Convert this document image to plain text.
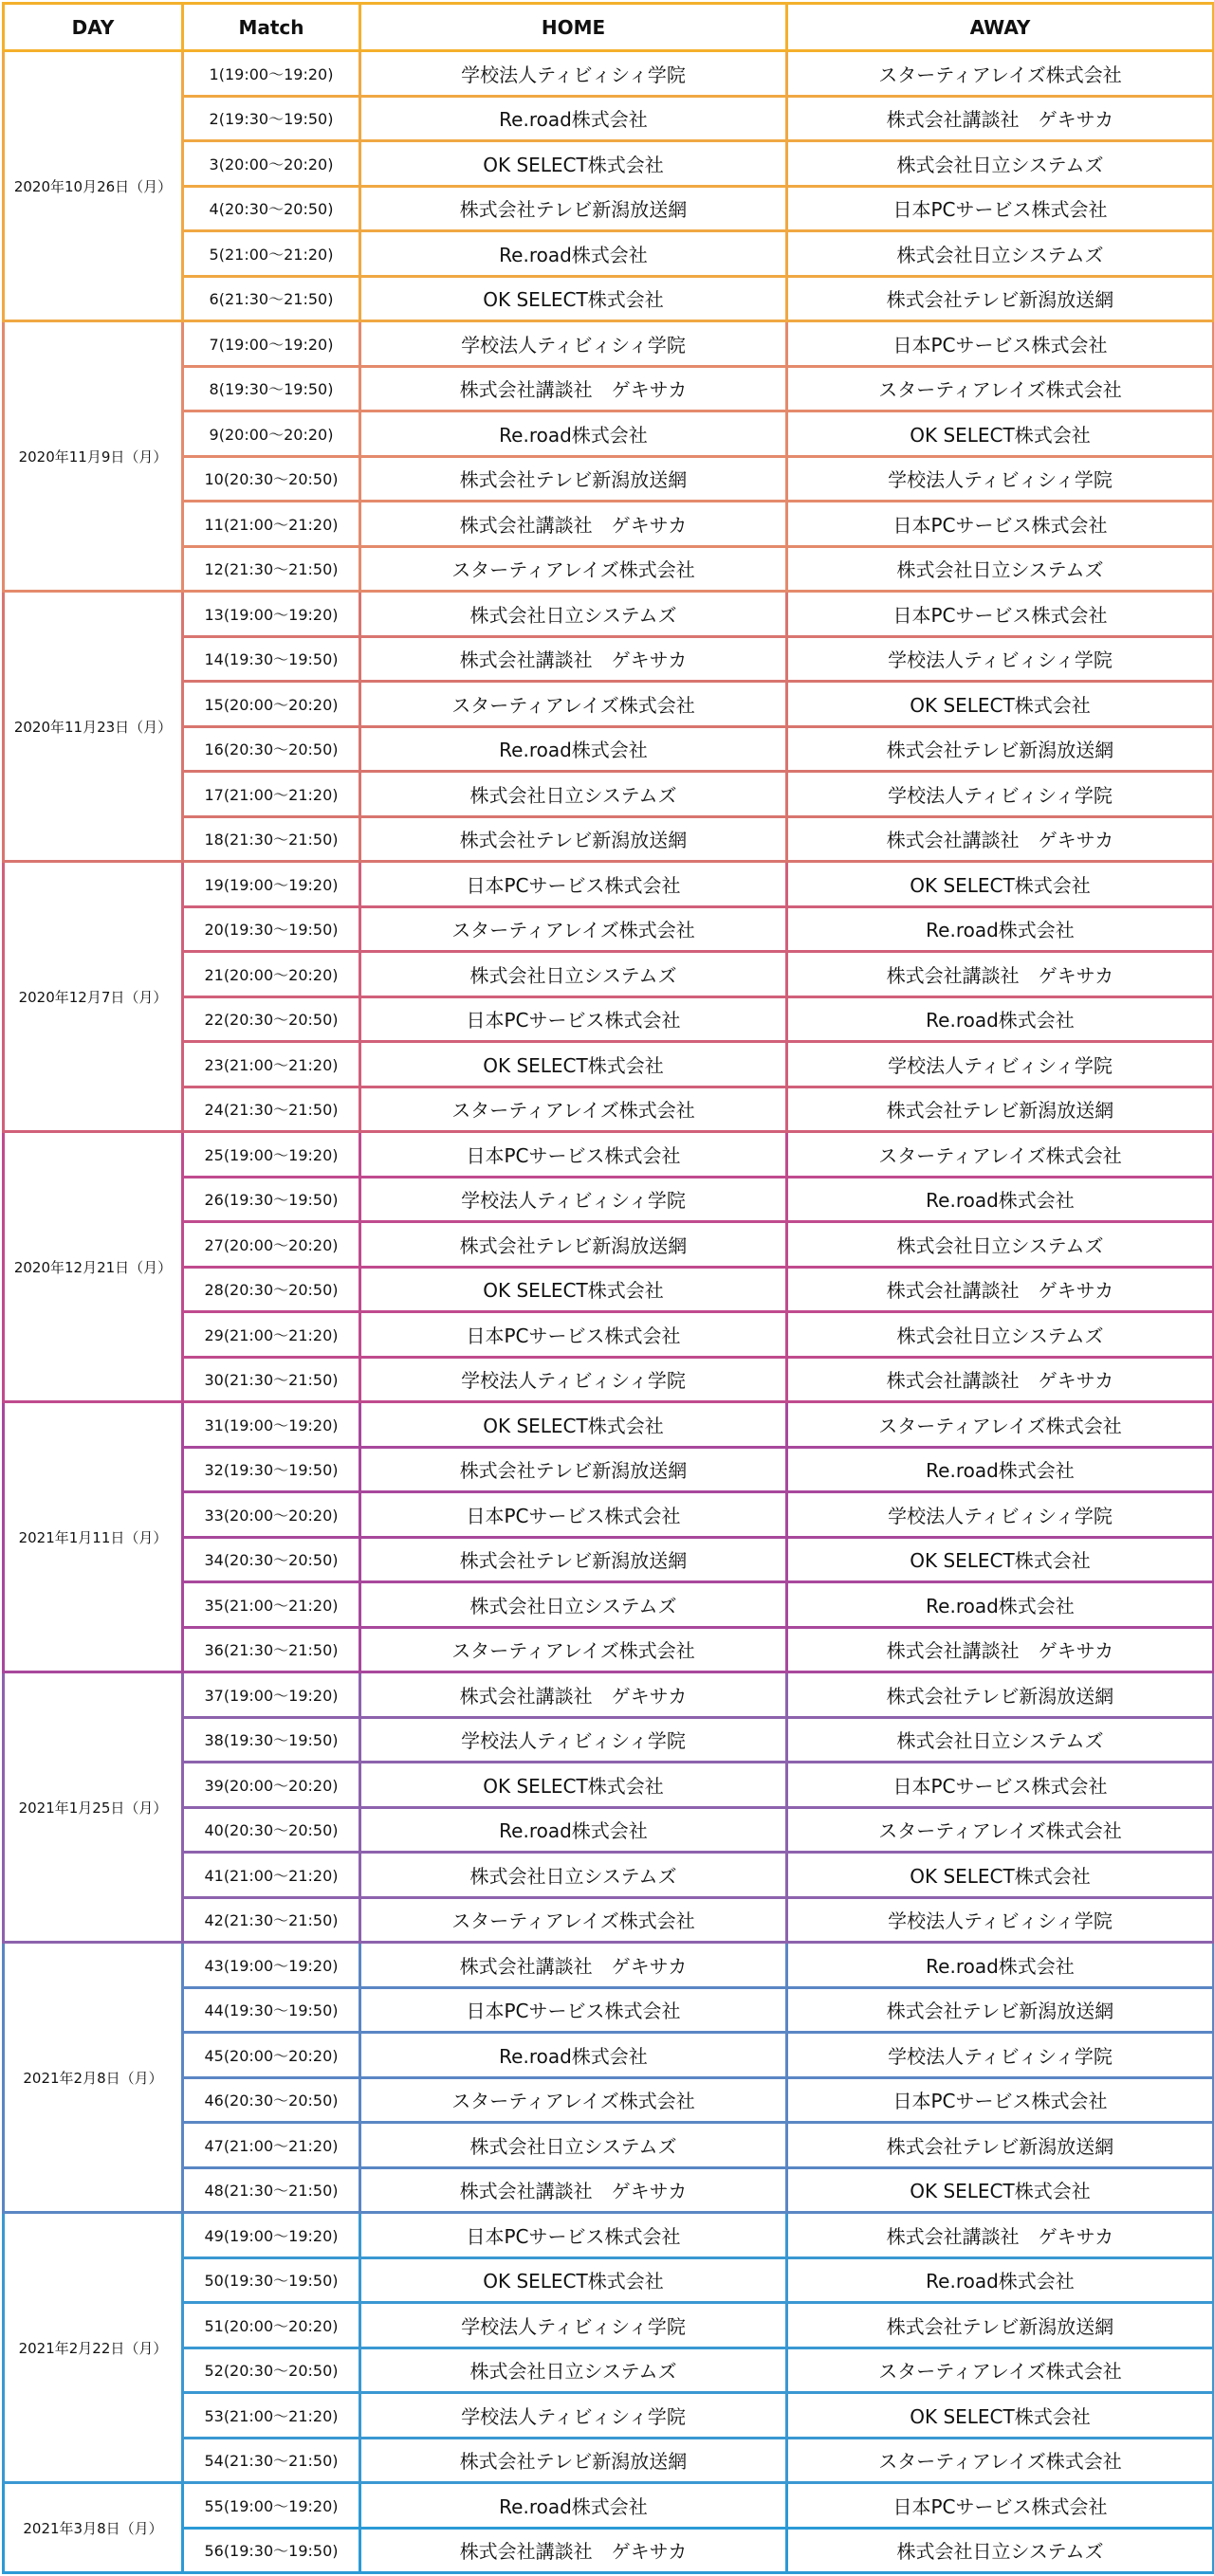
DAY	Match	HOME	AWAY
2020年10月26日（月）	1(19:00～19:20)	学校法人ティビィシィ学院	スターティアレイズ株式会社
	2(19:30～19:50)	Re.road株式会社	株式会社講談社　ゲキサカ
	3(20:00～20:20)	OK SELECT株式会社	株式会社日立システムズ
	4(20:30～20:50)	株式会社テレビ新潟放送網	日本PCサービス株式会社
	5(21:00～21:20)	Re.road株式会社	株式会社日立システムズ
	6(21:30～21:50)	OK SELECT株式会社	株式会社テレビ新潟放送網
2020年11月9日（月）	7(19:00～19:20)	学校法人ティビィシィ学院	日本PCサービス株式会社
	8(19:30～19:50)	株式会社講談社　ゲキサカ	スターティアレイズ株式会社
	9(20:00～20:20)	Re.road株式会社	OK SELECT株式会社
	10(20:30～20:50)	株式会社テレビ新潟放送網	学校法人ティビィシィ学院
	11(21:00～21:20)	株式会社講談社　ゲキサカ	日本PCサービス株式会社
	12(21:30～21:50)	スターティアレイズ株式会社	株式会社日立システムズ
2020年11月23日（月）	13(19:00～19:20)	株式会社日立システムズ	日本PCサービス株式会社
	14(19:30～19:50)	株式会社講談社　ゲキサカ	学校法人ティビィシィ学院
	15(20:00～20:20)	スターティアレイズ株式会社	OK SELECT株式会社
	16(20:30～20:50)	Re.road株式会社	株式会社テレビ新潟放送網
	17(21:00～21:20)	株式会社日立システムズ	学校法人ティビィシィ学院
	18(21:30～21:50)	株式会社テレビ新潟放送網	株式会社講談社　ゲキサカ
2020年12月7日（月）	19(19:00～19:20)	日本PCサービス株式会社	OK SELECT株式会社
	20(19:30～19:50)	スターティアレイズ株式会社	Re.road株式会社
	21(20:00～20:20)	株式会社日立システムズ	株式会社講談社　ゲキサカ
	22(20:30～20:50)	日本PCサービス株式会社	Re.road株式会社
	23(21:00～21:20)	OK SELECT株式会社	学校法人ティビィシィ学院
	24(21:30～21:50)	スターティアレイズ株式会社	株式会社テレビ新潟放送網
2020年12月21日（月）	25(19:00～19:20)	日本PCサービス株式会社	スターティアレイズ株式会社
	26(19:30～19:50)	学校法人ティビィシィ学院	Re.road株式会社
	27(20:00～20:20)	株式会社テレビ新潟放送網	株式会社日立システムズ
	28(20:30～20:50)	OK SELECT株式会社	株式会社講談社　ゲキサカ
	29(21:00～21:20)	日本PCサービス株式会社	株式会社日立システムズ
	30(21:30～21:50)	学校法人ティビィシィ学院	株式会社講談社　ゲキサカ
2021年1月11日（月）	31(19:00～19:20)	OK SELECT株式会社	スターティアレイズ株式会社
	32(19:30～19:50)	株式会社テレビ新潟放送網	Re.road株式会社
	33(20:00～20:20)	日本PCサービス株式会社	学校法人ティビィシィ学院
	34(20:30～20:50)	株式会社テレビ新潟放送網	OK SELECT株式会社
	35(21:00～21:20)	株式会社日立システムズ	Re.road株式会社
	36(21:30～21:50)	スターティアレイズ株式会社	株式会社講談社　ゲキサカ
2021年1月25日（月）	37(19:00～19:20)	株式会社講談社　ゲキサカ	株式会社テレビ新潟放送網
	38(19:30～19:50)	学校法人ティビィシィ学院	株式会社日立システムズ
	39(20:00～20:20)	OK SELECT株式会社	日本PCサービス株式会社
	40(20:30～20:50)	Re.road株式会社	スターティアレイズ株式会社
	41(21:00～21:20)	株式会社日立システムズ	OK SELECT株式会社
	42(21:30～21:50)	スターティアレイズ株式会社	学校法人ティビィシィ学院
2021年2月8日（月）	43(19:00～19:20)	株式会社講談社　ゲキサカ	Re.road株式会社
	44(19:30～19:50)	日本PCサービス株式会社	株式会社テレビ新潟放送網
	45(20:00～20:20)	Re.road株式会社	学校法人ティビィシィ学院
	46(20:30～20:50)	スターティアレイズ株式会社	日本PCサービス株式会社
	47(21:00～21:20)	株式会社日立システムズ	株式会社テレビ新潟放送網
	48(21:30～21:50)	株式会社講談社　ゲキサカ	OK SELECT株式会社
2021年2月22日（月）	49(19:00～19:20)	日本PCサービス株式会社	株式会社講談社　ゲキサカ
	50(19:30～19:50)	OK SELECT株式会社	Re.road株式会社
	51(20:00～20:20)	学校法人ティビィシィ学院	株式会社テレビ新潟放送網
	52(20:30～20:50)	株式会社日立システムズ	スターティアレイズ株式会社
	53(21:00～21:20)	学校法人ティビィシィ学院	OK SELECT株式会社
	54(21:30～21:50)	株式会社テレビ新潟放送網	スターティアレイズ株式会社
2021年3月8日（月）	55(19:00～19:20)	Re.road株式会社	日本PCサービス株式会社
	56(19:30～19:50)	株式会社講談社　ゲキサカ	株式会社日立システムズ
